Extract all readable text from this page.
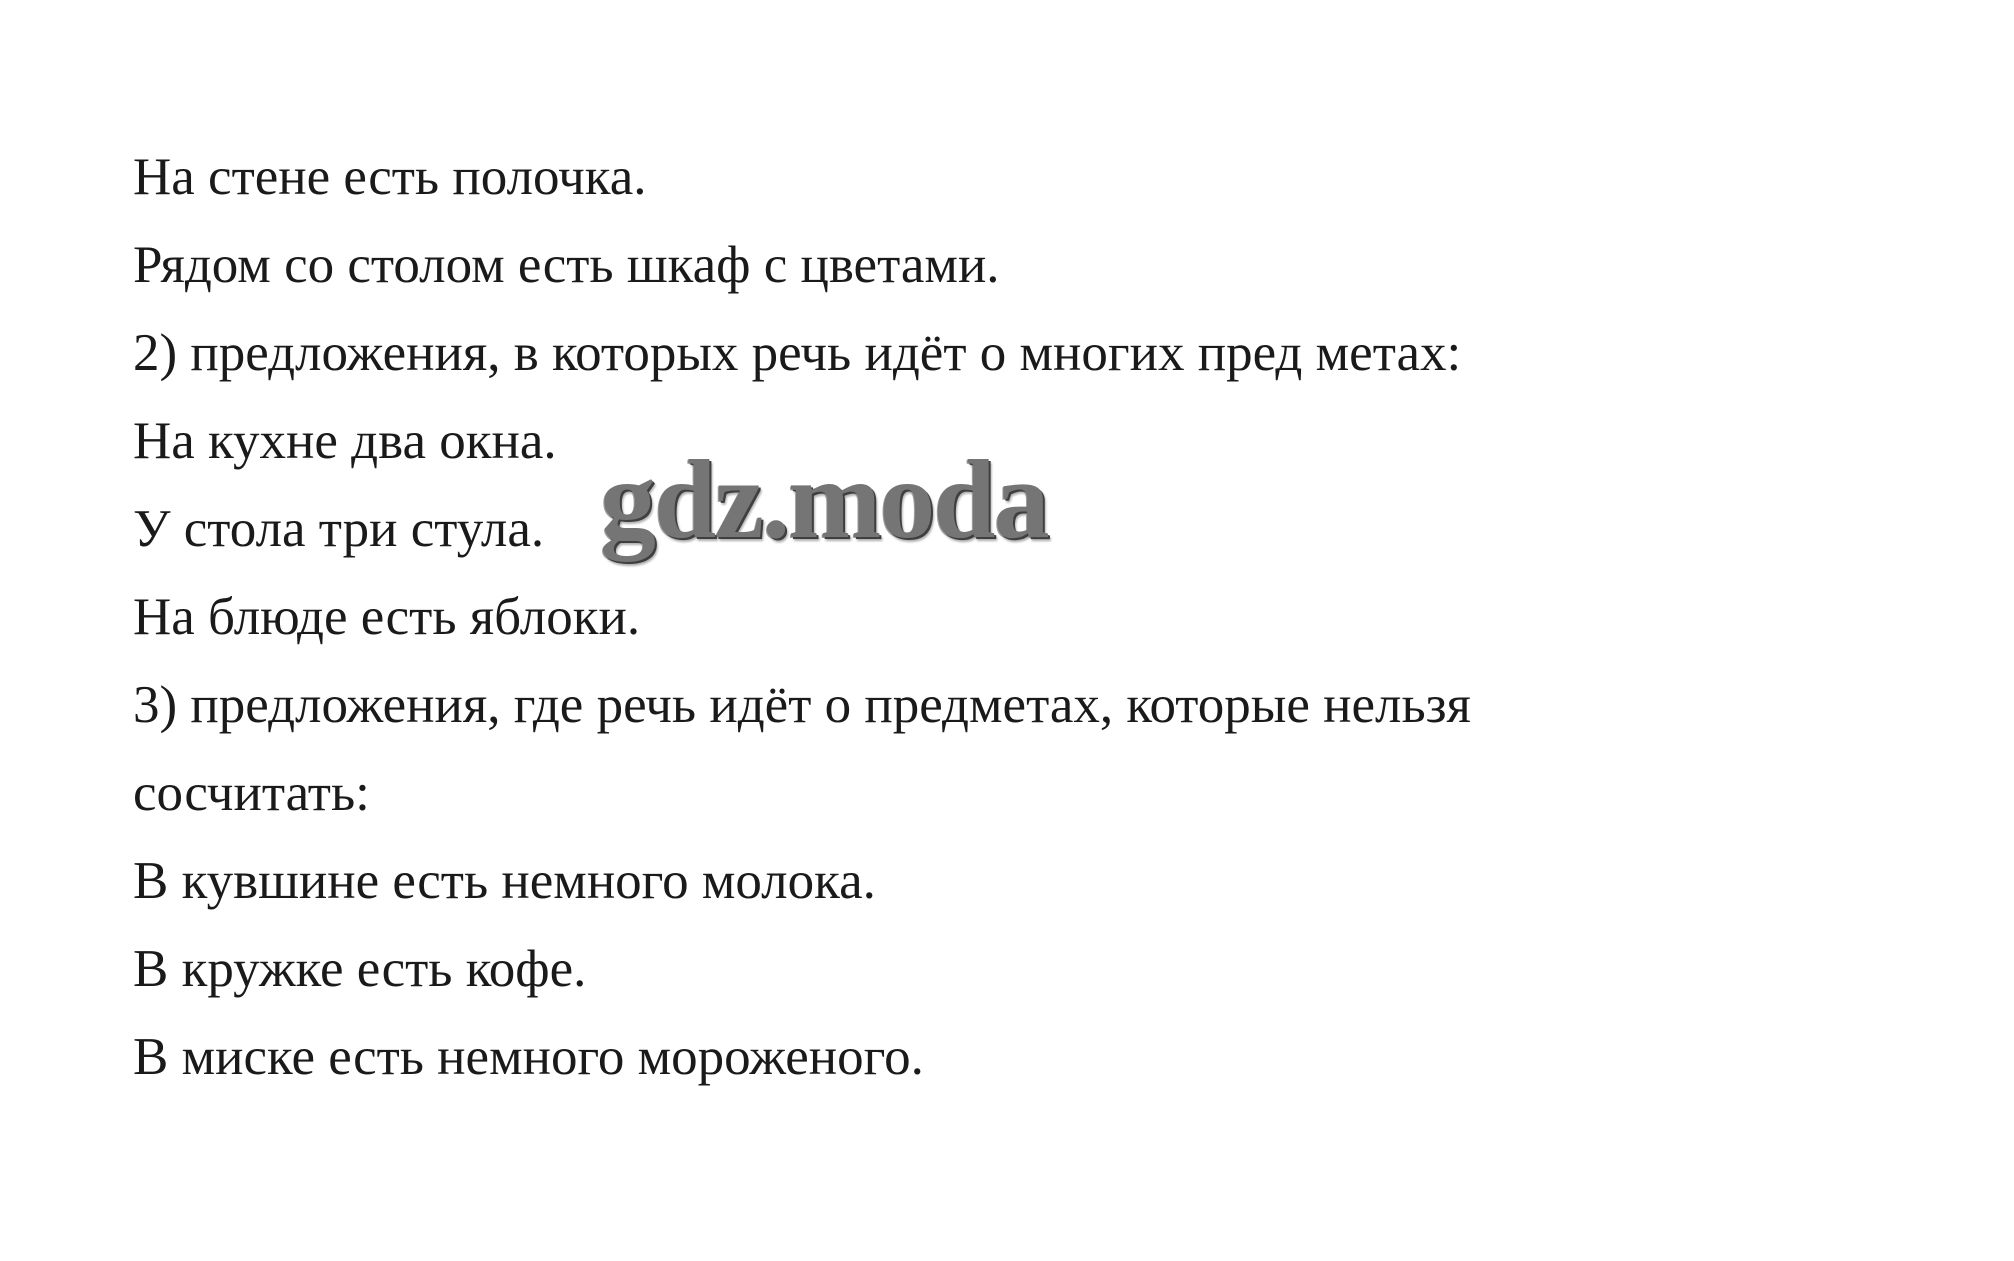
На стене есть полочка.
Рядом со столом есть шкаф с цветами.
2) предложения, в которых речь идёт о многих пред метах:
На кухне два окна.
У стола три стула.
На блюде есть яблоки.
3) предложения, где речь идёт о предметах, которые нельзя
сосчитать:
В кувшине есть немного молока.
В кружке есть кофе.
В миске есть немного мороженого.
gdz.moda
